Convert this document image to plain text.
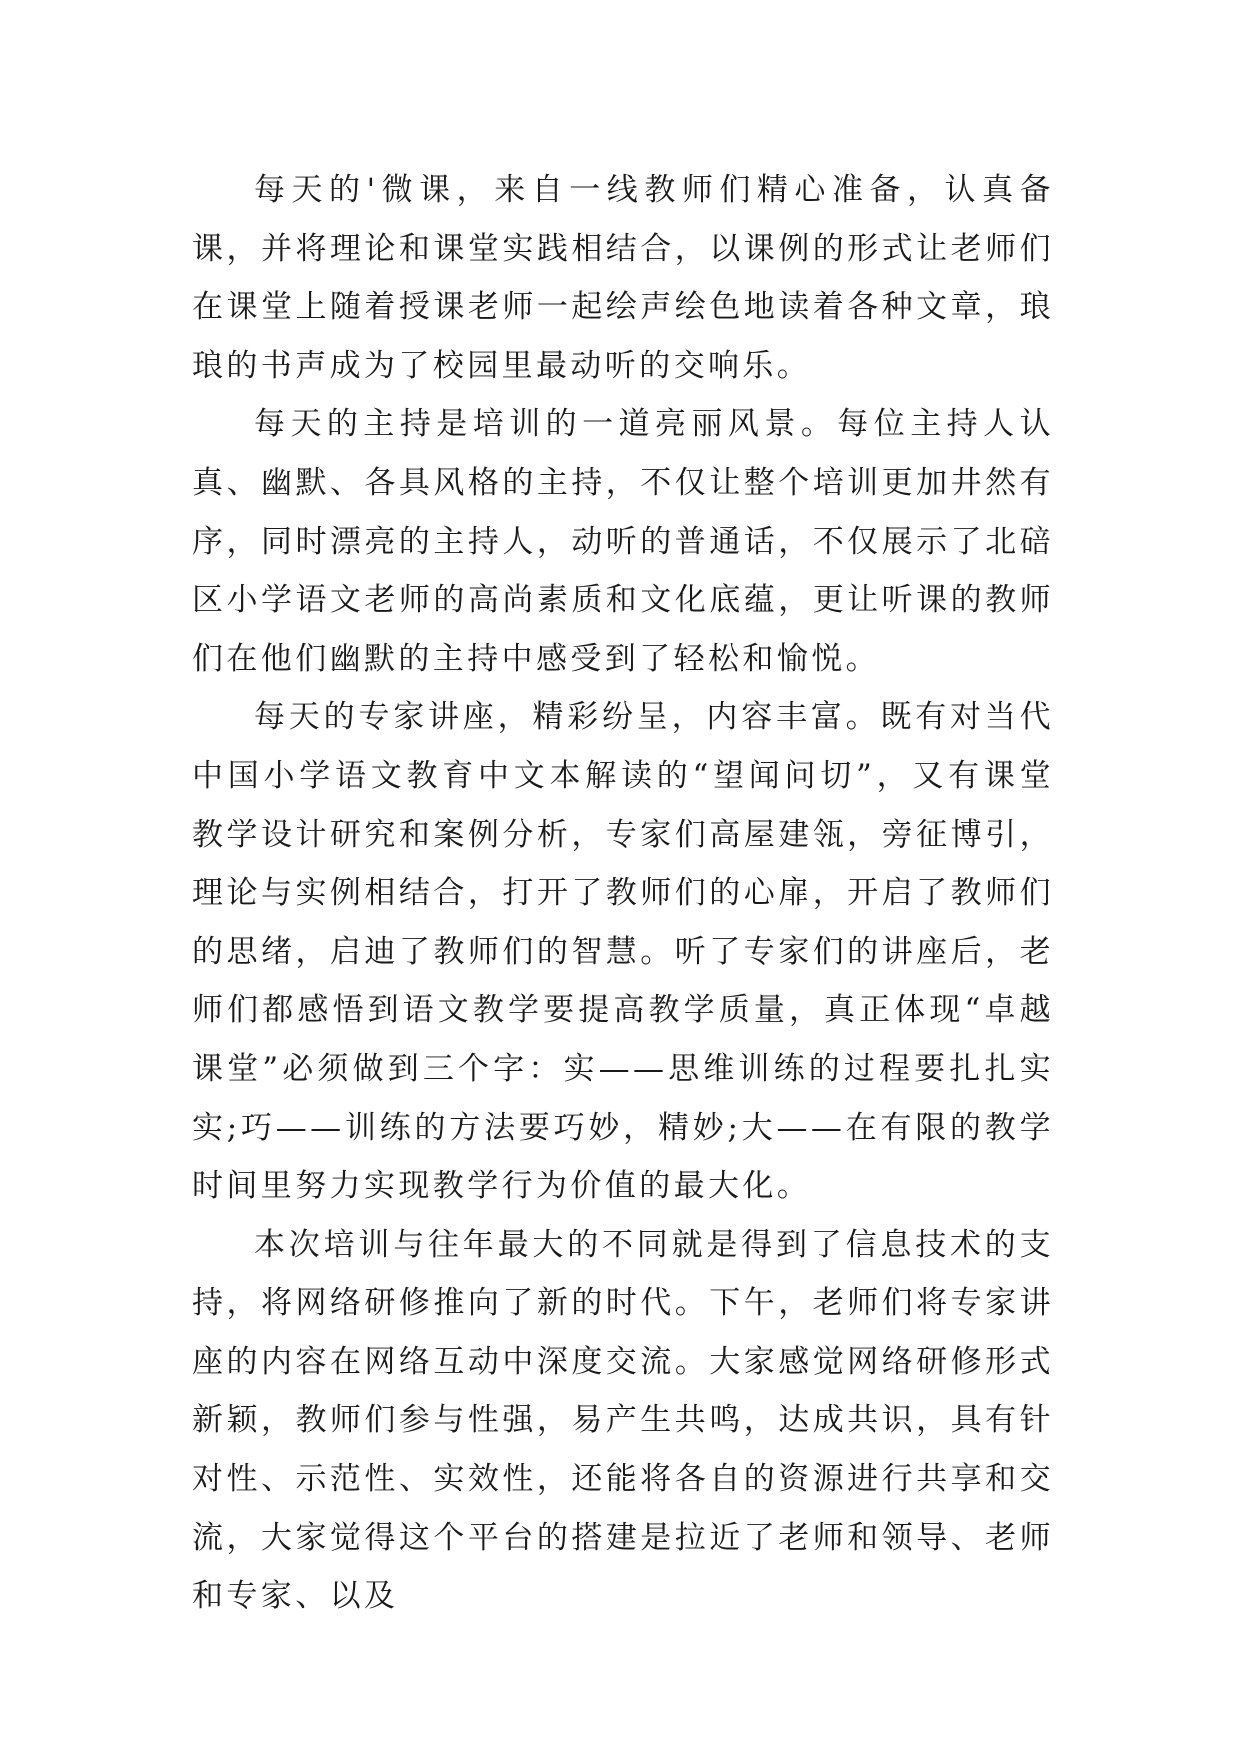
每天的'微课，来自一线教师们精心准备，认真备课，并将理论和课堂实践相结合，以课例的形式让老师们在课堂上随着授课老师一起绘声绘色地读着各种文章，琅琅的书声成为了校园里最动听的交响乐。

每天的主持是培训的一道亮丽风景。每位主持人认真、幽默、各具风格的主持，不仅让整个培训更加井然有序，同时漂亮的主持人，动听的普通话，不仅展示了北碚区小学语文老师的高尚素质和文化底蕴，更让听课的教师们在他们幽默的主持中感受到了轻松和愉悦。

每天的专家讲座，精彩纷呈，内容丰富。既有对当代中国小学语文教育中文本解读的“望闻问切”，又有课堂教学设计研究和案例分析，专家们高屋建瓴，旁征博引，理论与实例相结合，打开了教师们的心扉，开启了教师们的思绪，启迪了教师们的智慧。听了专家们的讲座后，老师们都感悟到语文教学要提高教学质量，真正体现“卓越课堂”必须做到三个字：实——思维训练的过程要扎扎实实;巧——训练的方法要巧妙，精妙;大——在有限的教学时间里努力实现教学行为价值的最大化。

本次培训与往年最大的不同就是得到了信息技术的支持，将网络研修推向了新的时代。下午，老师们将专家讲座的内容在网络互动中深度交流。大家感觉网络研修形式新颖，教师们参与性强，易产生共鸣，达成共识，具有针对性、示范性、实效性，还能将各自的资源进行共享和交流，大家觉得这个平台的搭建是拉近了老师和领导、老师和专家、以及
